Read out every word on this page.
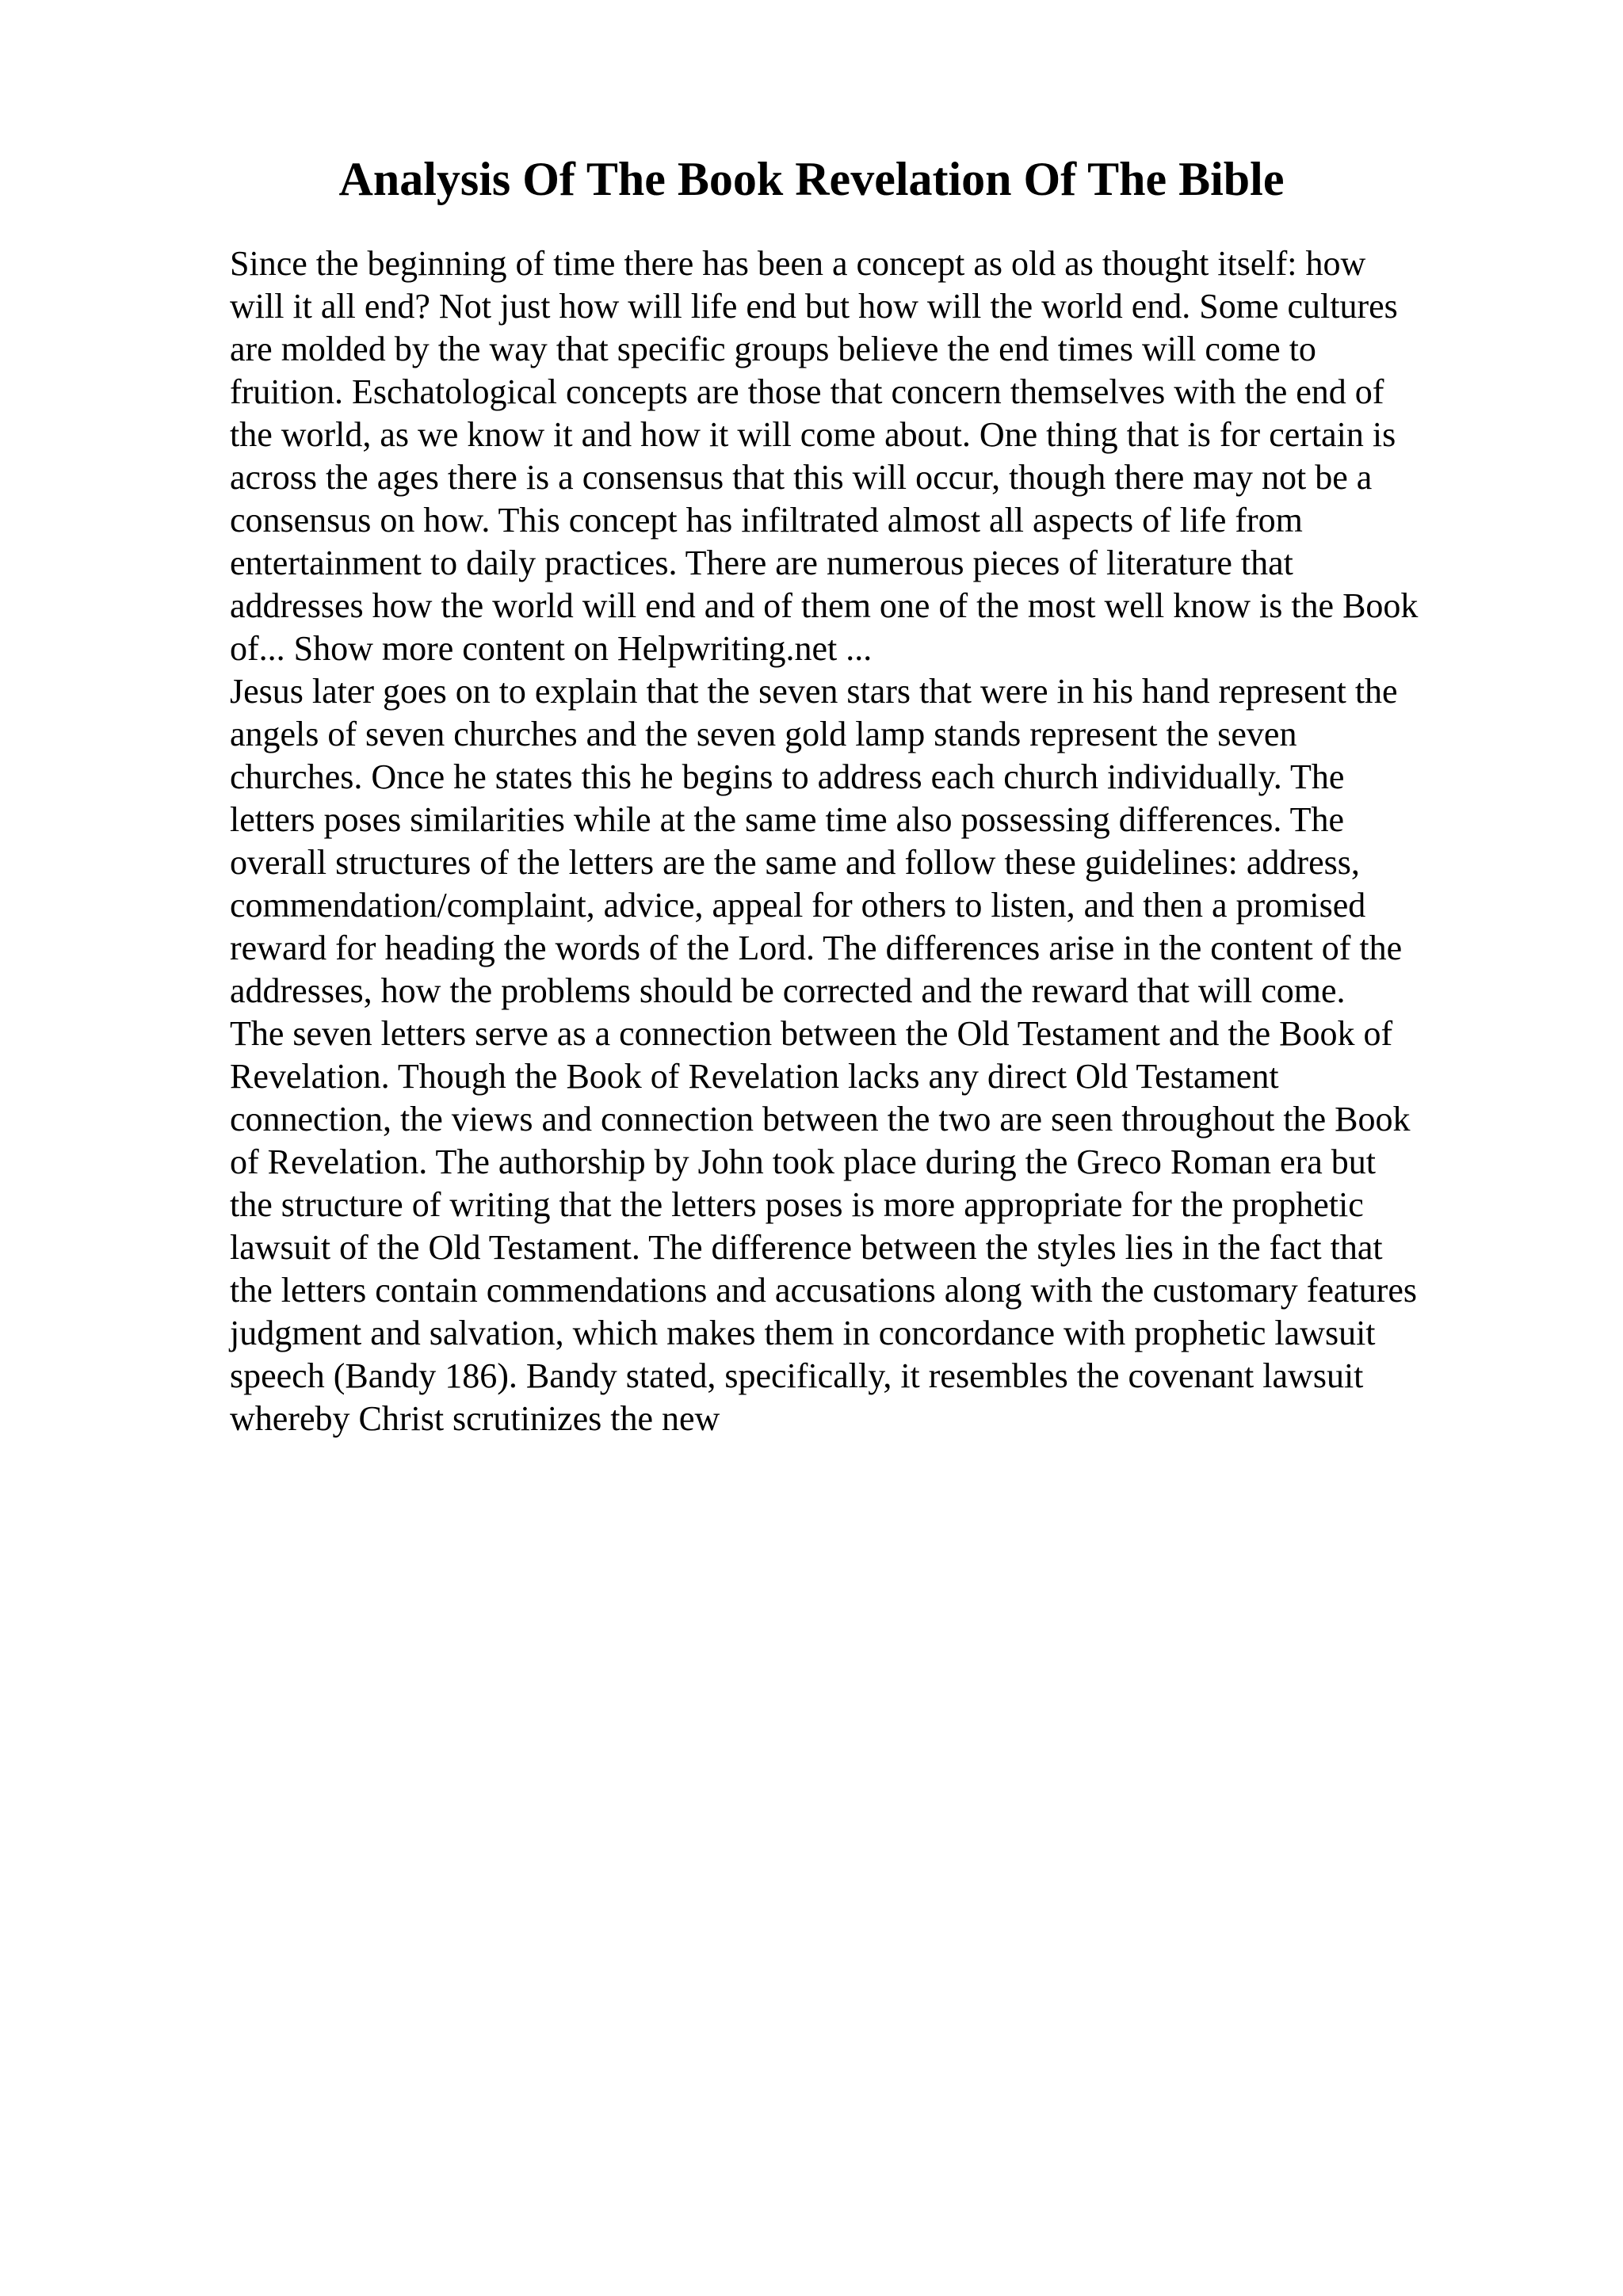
Analysis Of The Book Revelation Of The Bible
Since the beginning of time there has been a concept as old as thought itself: how
will it all end? Not just how will life end but how will the world end. Some cultures
are molded by the way that specific groups believe the end times will come to
fruition. Eschatological concepts are those that concern themselves with the end of
the world, as we know it and how it will come about. One thing that is for certain is
across the ages there is a consensus that this will occur, though there may not be a
consensus on how. This concept has infiltrated almost all aspects of life from
entertainment to daily practices. There are numerous pieces of literature that
addresses how the world will end and of them one of the most well know is the Book
of... Show more content on Helpwriting.net ...
Jesus later goes on to explain that the seven stars that were in his hand represent the
angels of seven churches and the seven gold lamp stands represent the seven
churches. Once he states this he begins to address each church individually. The
letters poses similarities while at the same time also possessing differences. The
overall structures of the letters are the same and follow these guidelines: address,
commendation/complaint, advice, appeal for others to listen, and then a promised
reward for heading the words of the Lord. The differences arise in the content of the
addresses, how the problems should be corrected and the reward that will come.
The seven letters serve as a connection between the Old Testament and the Book of
Revelation. Though the Book of Revelation lacks any direct Old Testament
connection, the views and connection between the two are seen throughout the Book
of Revelation. The authorship by John took place during the Greco Roman era but
the structure of writing that the letters poses is more appropriate for the prophetic
lawsuit of the Old Testament. The difference between the styles lies in the fact that
the letters contain commendations and accusations along with the customary features
judgment and salvation, which makes them in concordance with prophetic lawsuit
speech (Bandy 186). Bandy stated, specifically, it resembles the covenant lawsuit
whereby Christ scrutinizes the new
